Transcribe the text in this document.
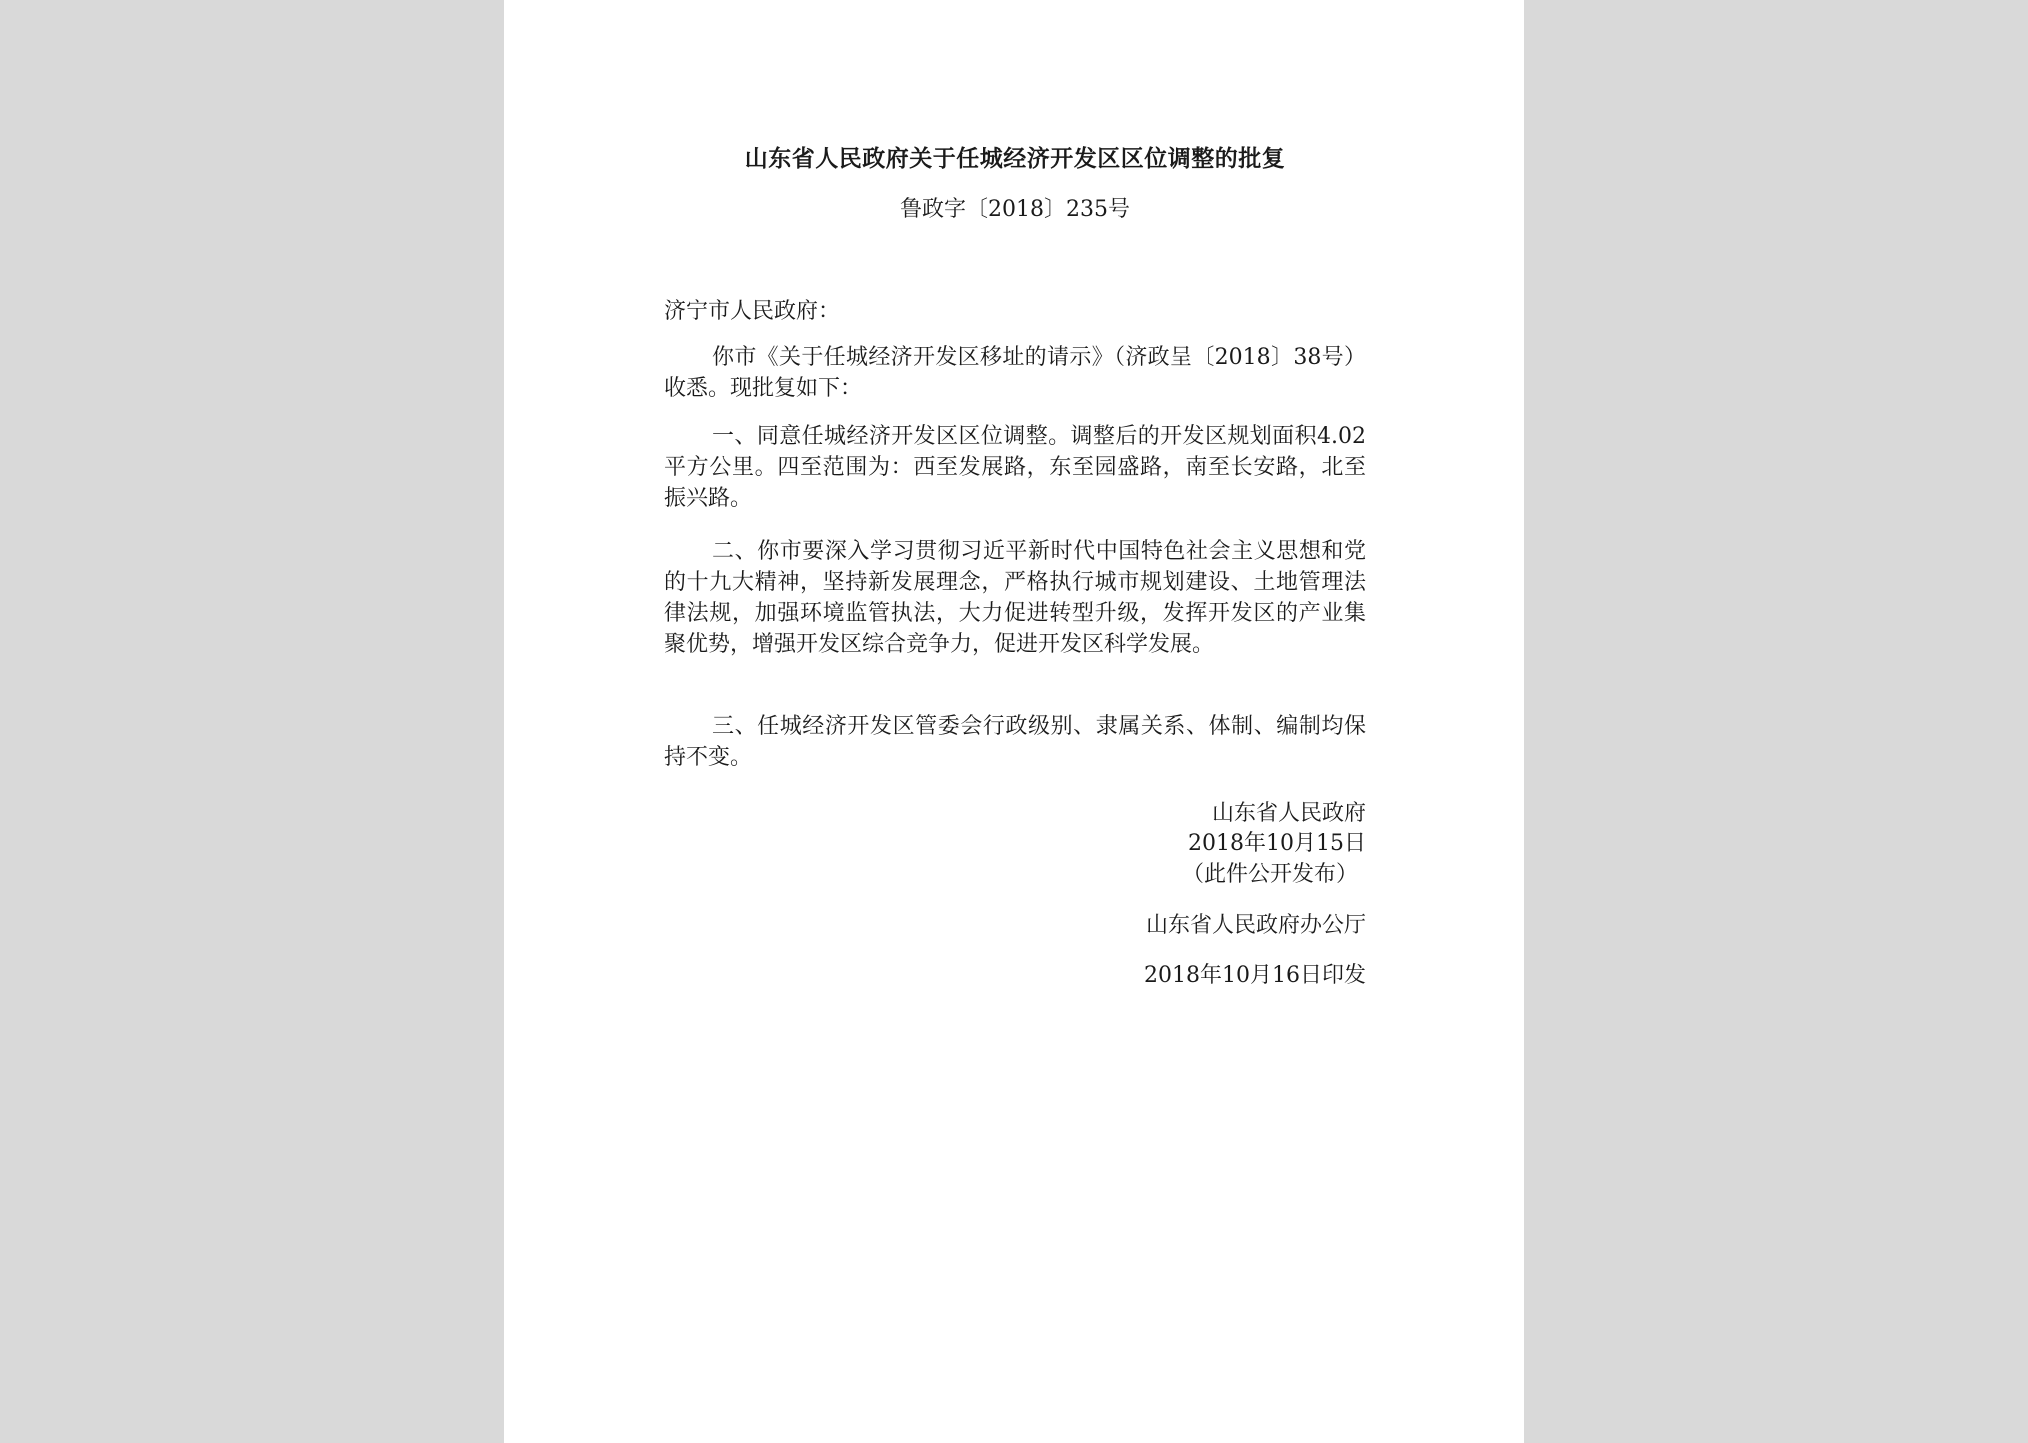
山东省人民政府关于任城经济开发区区位调整的批复
鲁政字〔2018〕235号
济宁市人民政府：
你市《关于任城经济开发区移址的请示》（济政呈〔2018〕38号）收悉。现批复如下：
一、同意任城经济开发区区位调整。调整后的开发区规划面积4.02平方公里。四至范围为：西至发展路，东至园盛路，南至长安路，北至振兴路。
二、你市要深入学习贯彻习近平新时代中国特色社会主义思想和党的十九大精神，坚持新发展理念，严格执行城市规划建设、土地管理法律法规，加强环境监管执法，大力促进转型升级，发挥开发区的产业集聚优势，增强开发区综合竞争力，促进开发区科学发展。
三、任城经济开发区管委会行政级别、隶属关系、体制、编制均保持不变。
山东省人民政府
2018年10月15日
（此件公开发布）
山东省人民政府办公厅
2018年10月16日印发
